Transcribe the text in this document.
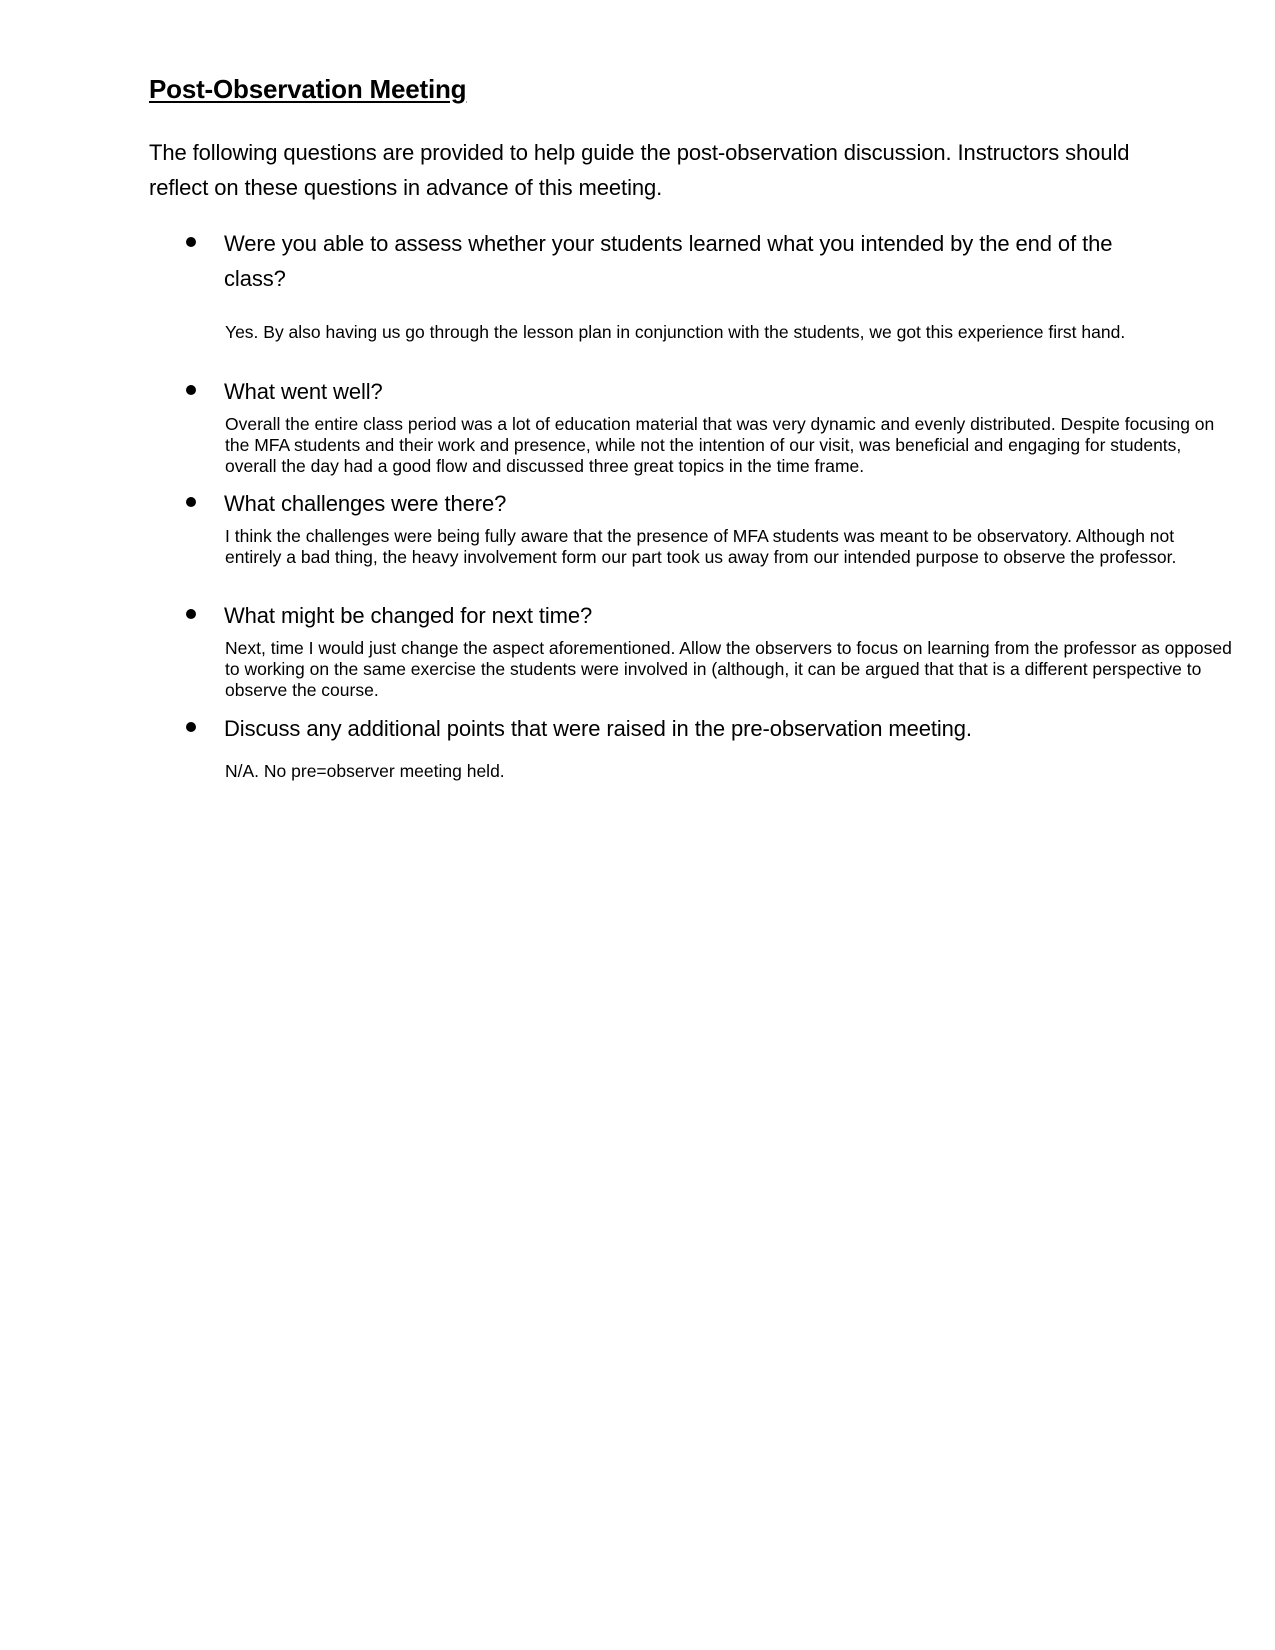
Post-Observation Meeting

The following questions are provided to help guide the post-observation discussion. Instructors should reflect on these questions in advance of this meeting.

Were you able to assess whether your students learned what you intended by the end of the class?

Yes. By also having us go through the lesson plan in conjunction with the students, we got this experience first hand.

What went well?

Overall the entire class period was a lot of education material that was very dynamic and evenly distributed. Despite focusing on the MFA students and their work and presence, while not the intention of our visit, was beneficial and engaging for students, overall the day had a good flow and discussed three great topics in the time frame.

What challenges were there?

I think the challenges were being fully aware that the presence of MFA students was meant to be observatory. Although not entirely a bad thing, the heavy involvement form our part took us away from our intended purpose to observe the professor.

What might be changed for next time?

Next, time I would just change the aspect aforementioned. Allow the observers to focus on learning from the professor as opposed to working on the same exercise the students were involved in (although, it can be argued that that is a different perspective to observe the course.

Discuss any additional points that were raised in the pre-observation meeting.

N/A. No pre=observer meeting held.
